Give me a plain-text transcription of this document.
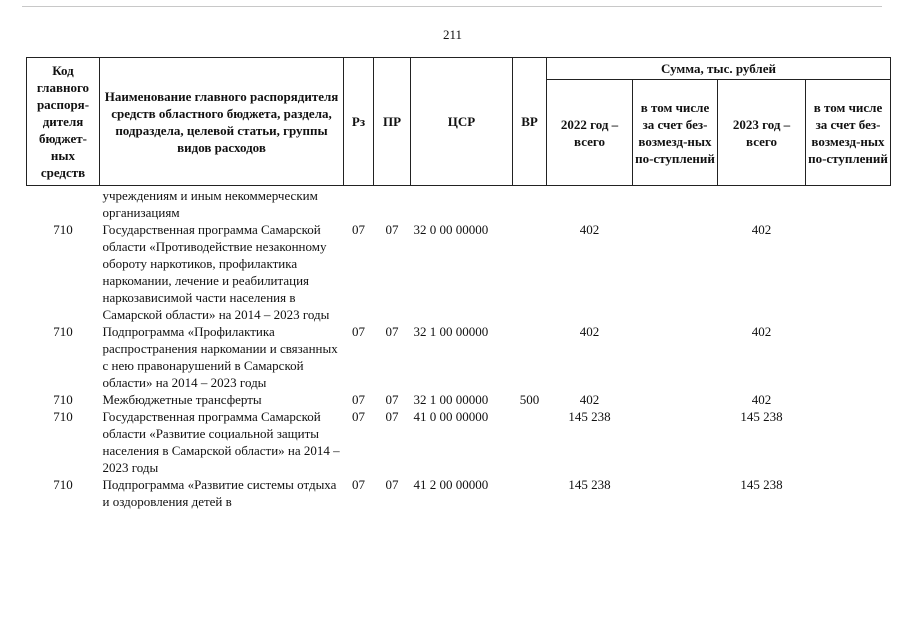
211
Код главного распоря-дителя бюджет-ных средств	Наименование главного распорядителя средств областного бюджета, раздела, подраздела, целевой статьи, группы видов расходов	Рз	ПР	ЦСР	ВР	Сумма, тыс. рублей			
						2022 год – всего	в том числе за счет без-возмезд-ных по-ступлений	2023 год – всего	в том числе за счет без-возмезд-ных по-ступлений
	учреждениям и иным некоммерческим организациям								
710	Государственная программа Самарской области «Противодействие незаконному обороту наркотиков, профилактика наркомании, лечение и реабилитация наркозависимой части населения в Самарской области» на 2014 – 2023 годы	07	07	32 0 00 00000		402		402	
710	Подпрограмма «Профилактика распространения наркомании и связанных с нею правонарушений в Самарской области» на 2014 – 2023 годы	07	07	32 1 00 00000		402		402	
710	Межбюджетные трансферты	07	07	32 1 00 00000	500	402		402	
710	Государственная программа Самарской области «Развитие социальной защиты населения в Самарской области» на 2014 – 2023 годы	07	07	41 0 00 00000		145 238		145 238	
710	Подпрограмма «Развитие системы отдыха и оздоровления детей в	07	07	41 2 00 00000		145 238		145 238	
